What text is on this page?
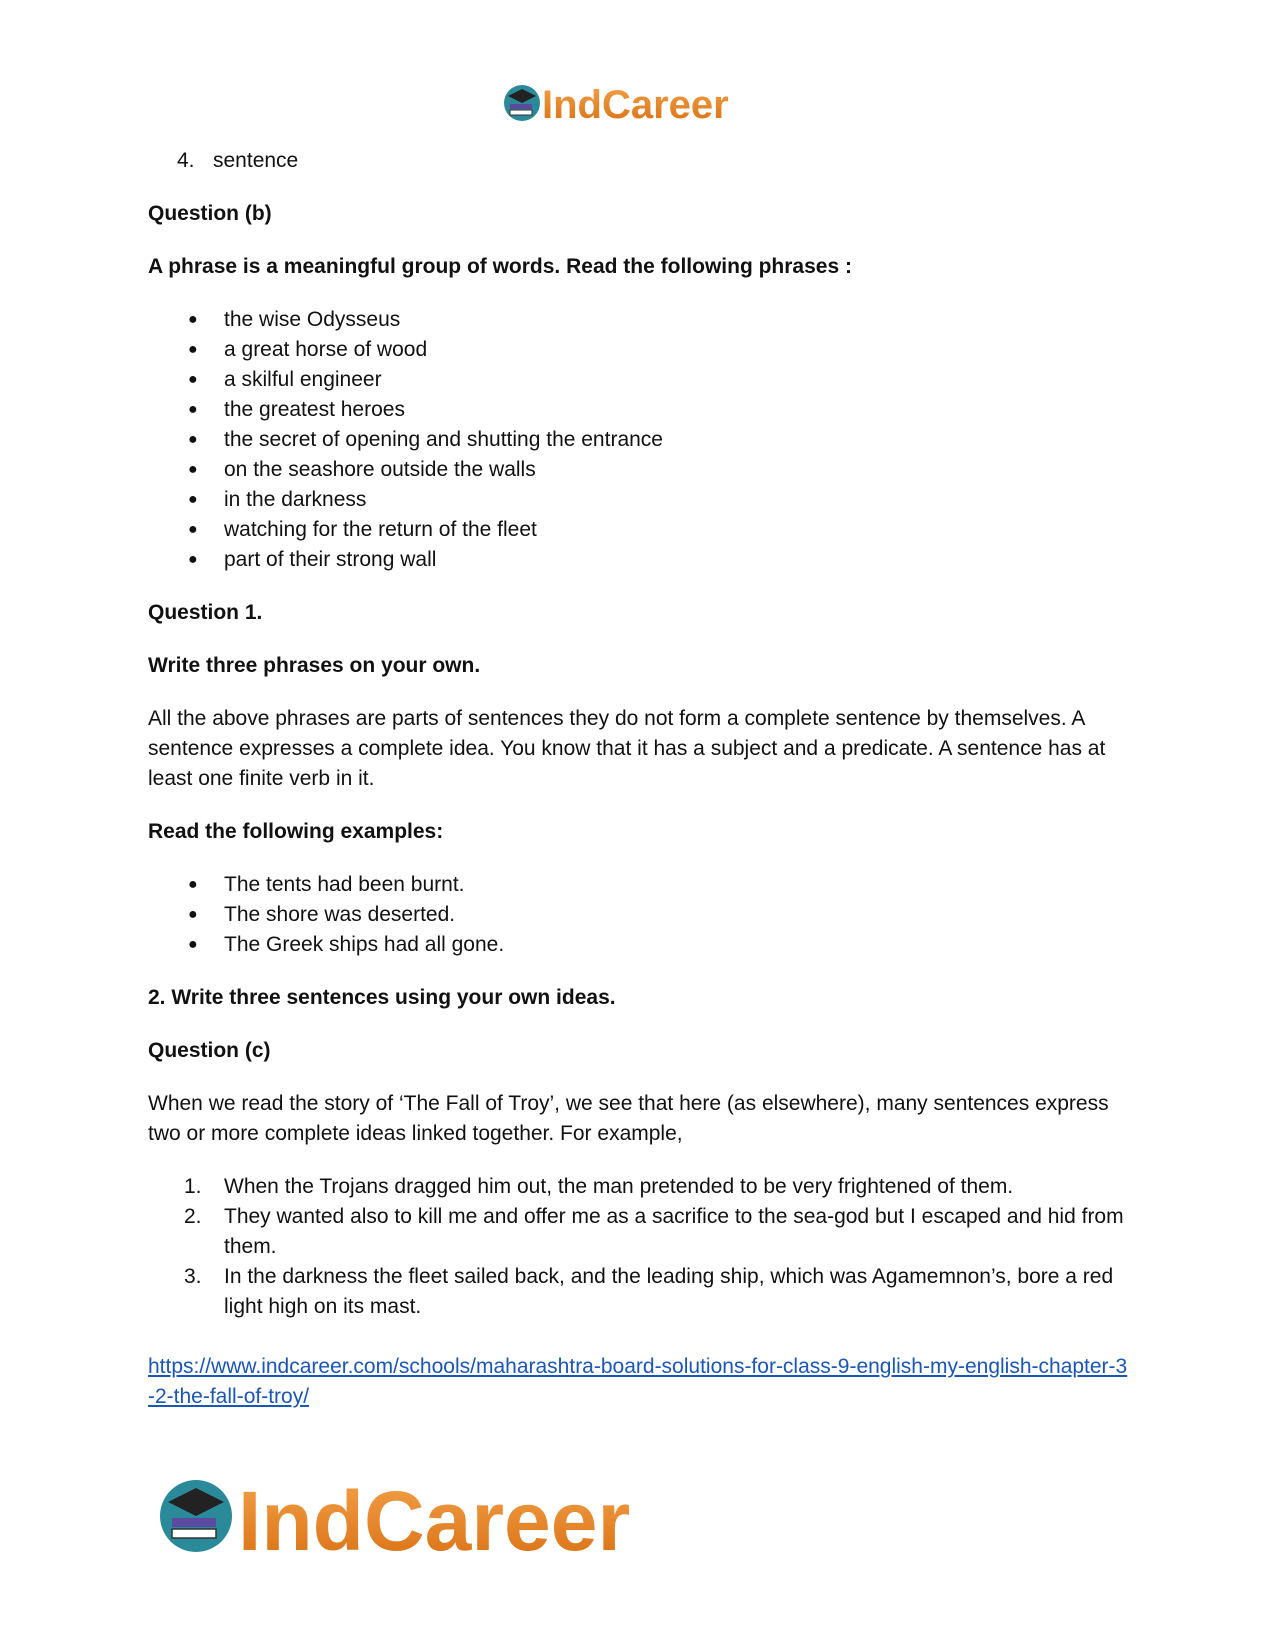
IndCareer
4. sentence
Question (b)
A phrase is a meaningful group of words. Read the following phrases :
●	the wise Odysseus
●	a great horse of wood
●	a skilful engineer
●	the greatest heroes
●	the secret of opening and shutting the entrance
●	on the seashore outside the walls
●	in the darkness
●	watching for the return of the fleet
●	part of their strong wall
Question 1.
Write three phrases on your own.

All the above phrases are parts of sentences they do not form a complete sentence by themselves. A sentence expresses a complete idea. You know that it has a subject and a predicate. A sentence has at least one finite verb in it.

Read the following examples:
●	The tents had been burnt.
●	The shore was deserted.
●	The Greek ships had all gone.
2. Write three sentences using your own ideas.
Question (c)

When we read the story of ‘The Fall of Troy’, we see that here (as elsewhere), many sentences express two or more complete ideas linked together. For example,

1.	When the Trojans dragged him out, the man pretended to be very frightened of them.
2.	They wanted also to kill me and offer me as a sacrifice to the sea-god but I escaped and hid from them.
3.	In the darkness the fleet sailed back, and the leading ship, which was Agamemnon’s, bore a red light high on its mast.
https://www.indcareer.com/schools/maharashtra-board-solutions-for-class-9-english-my-english-chapter-3-2-the-fall-of-troy/
IndCareer
